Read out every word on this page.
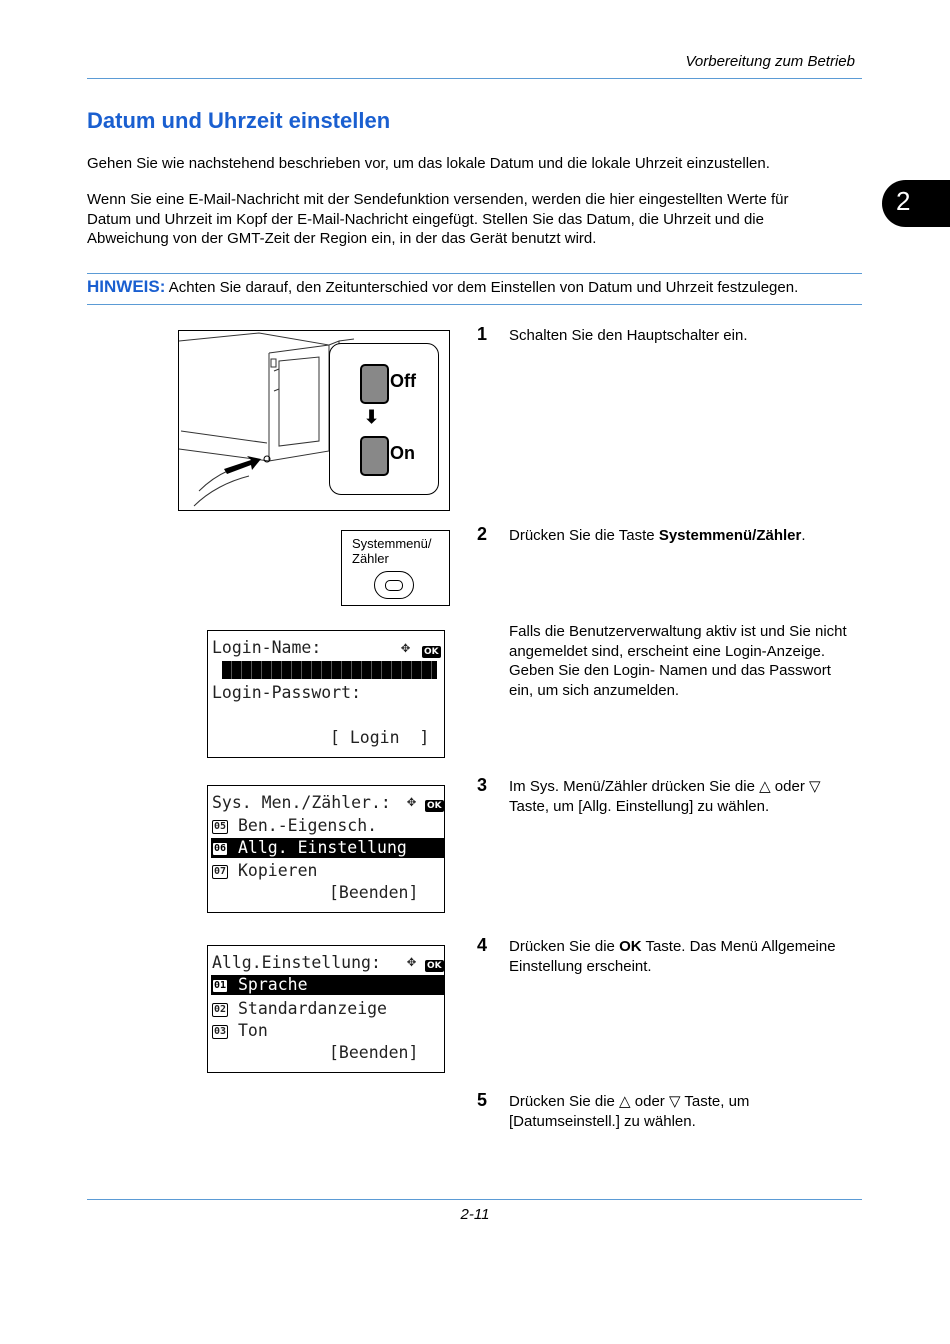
Vorbereitung zum Betrieb
2
Datum und Uhrzeit einstellen
Gehen Sie wie nachstehend beschrieben vor, um das lokale Datum und die lokale Uhrzeit einzustellen.
Wenn Sie eine E-Mail-Nachricht mit der Sendefunktion versenden, werden die hier eingestellten Werte für
Datum und Uhrzeit im Kopf der E-Mail-Nachricht eingefügt. Stellen Sie das Datum, die Uhrzeit und die
Abweichung von der GMT-Zeit der Region ein, in der das Gerät benutzt wird.
HINWEIS: Achten Sie darauf, den Zeitunterschied vor dem Einstellen von Datum und Uhrzeit festzulegen.
Off
⬇
On
1 Schalten Sie den Hauptschalter ein.
Systemmenü/
Zähler
2 Drücken Sie die Taste Systemmenü/Zähler.
Login-Name:	✥ OK
Login-Passwort:
[ Login  ]
Falls die Benutzerverwaltung aktiv ist und Sie nicht
angemeldet sind, erscheint eine Login-Anzeige.
Geben Sie den Login- Namen und das Passwort
ein, um sich anzumelden.
Sys. Men./Zähler.: ✥ OK
05 Ben.-Eigensch.
06 Allg. Einstellung
07 Kopieren
[Beenden]
3 Im Sys. Menü/Zähler drücken Sie die △ oder ▽
Taste, um [Allg. Einstellung] zu wählen.
Allg.Einstellung: ✥ OK
01 Sprache
02 Standardanzeige
03 Ton
[Beenden]
4 Drücken Sie die OK Taste. Das Menü Allgemeine
Einstellung erscheint.
5 Drücken Sie die △ oder ▽ Taste, um
[Datumseinstell.] zu wählen.
2-11
